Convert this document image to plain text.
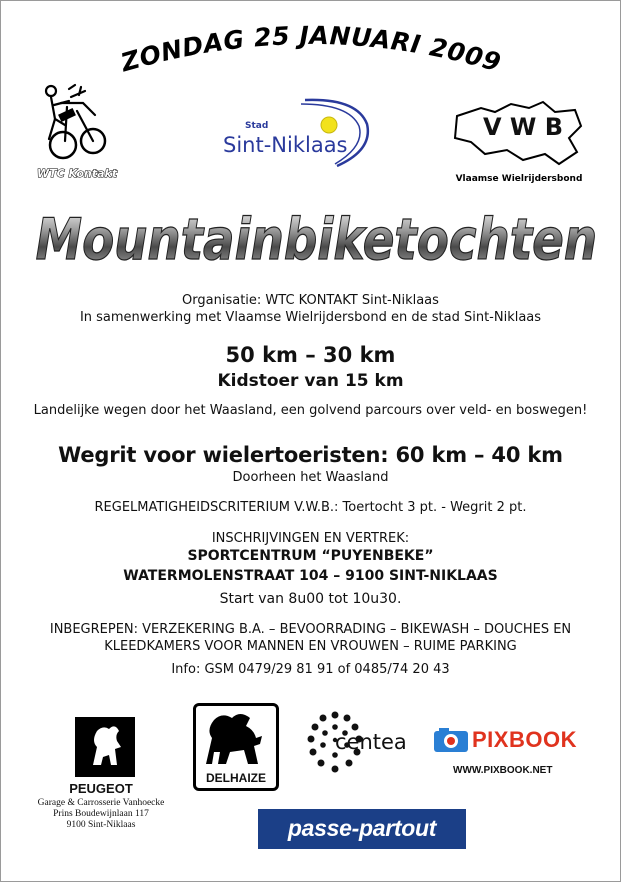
ZONDAG 25 JANUARI 2009
WTC Kontakt
Stad
Sint-Niklaas
V W B
Vlaamse Wielrijdersbond
Mountainbiketochten
Organisatie: WTC KONTAKT Sint-Niklaas
In samenwerking met Vlaamse Wielrijdersbond en de stad Sint-Niklaas
50 km – 30 km
Kidstoer van 15 km
Landelijke wegen door het Waasland, een golvend parcours over veld- en boswegen!
Wegrit voor wielertoeristen: 60 km – 40 km
Doorheen het Waasland
REGELMATIGHEIDSCRITERIUM V.W.B.: Toertocht 3 pt. - Wegrit 2 pt.
INSCHRIJVINGEN EN VERTREK:
SPORTCENTRUM “PUYENBEKE”
WATERMOLENSTRAAT 104 – 9100 SINT-NIKLAAS
Start van 8u00 tot 10u30.
INBEGREPEN: VERZEKERING B.A. – BEVOORRADING – BIKEWASH – DOUCHES EN
KLEEDKAMERS VOOR MANNEN EN VROUWEN – RUIME PARKING
Info: GSM 0479/29 81 91 of 0485/74 20 43
PEUGEOT
Garage & Carrosserie Vanhoecke
Prins Boudewijnlaan 117
9100 Sint-Niklaas
DELHAIZE
centea	PIXBOOK
WWW.PIXBOOK.NET
passe-partout
